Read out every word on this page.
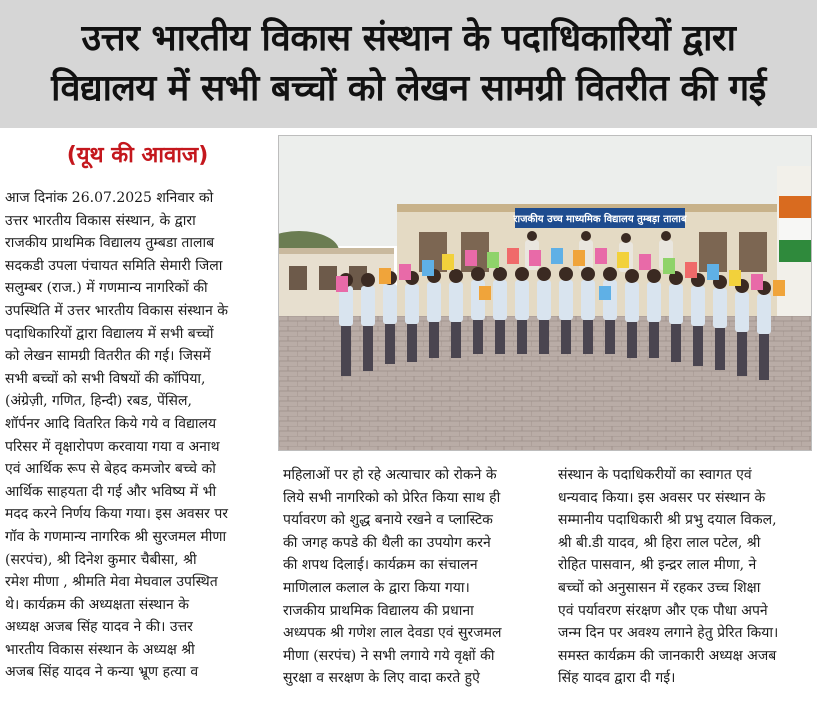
उत्तर भारतीय विकास संस्थान के पदाधिकारियों द्वारा
विद्यालय में सभी बच्चों को लेखन सामग्री वितरीत की गई
(यूथ की आवाज)
राजकीय उच्च माध्यमिक विद्यालय तुम्बड़ा तालाब
आज दिनांक 26.07.2025 शनिवार को
उत्तर भारतीय विकास संस्थान, के द्वारा
राजकीय प्राथमिक विद्यालय तुम्बडा तालाब
सदकडी उपला पंचायत समिति सेमारी जिला
सलुम्बर (राज.) में गणमान्य नागरिकों की
उपस्थिति में उत्तर भारतीय विकास संस्थान के
पदाधिकारियों द्वारा विद्यालय में सभी बच्चों
को लेखन सामग्री वितरीत की गई। जिसमें
सभी बच्चों को सभी विषयों की कॉपिया,
(अंग्रेज़ी, गणित, हिन्दी) रबड, पेंसिल,
शॉर्पनर आदि वितरित किये गये व विद्यालय
परिसर में वृक्षारोपण करवाया गया व अनाथ
एवं आर्थिक रूप से बेहद कमजोर बच्चे को
आर्थिक साहयता दी गई और भविष्य में भी
मदद करने निर्णय किया गया। इस अवसर पर
गॉव के गणमान्य नागरिक श्री सुरजमल मीणा
(सरपंच), श्री दिनेश कुमार चैबीसा, श्री
रमेश मीणा , श्रीमति मेवा मेघवाल उपस्थित
थे। कार्यक्रम की अध्यक्षता संस्थान के
अध्यक्ष अजब सिंह यादव ने की। उत्तर
भारतीय विकास संस्थान के अध्यक्ष श्री
अजब सिंह यादव ने कन्या भ्रूण हत्या व
महिलाओं पर हो रहे अत्याचार को रोकने के
लिये सभी नागरिको को प्रेरित किया साथ ही
पर्यावरण को शुद्ध बनाये रखने व प्लास्टिक
की जगह कपडे की थैली का उपयोग करने
की शपथ दिलाई। कार्यक्रम का संचालन
माणिलाल कलाल के द्वारा किया गया।
राजकीय प्राथमिक विद्यालय की प्रधाना
अध्यपक श्री गणेश लाल देवडा एवं सुरजमल
मीणा (सरपंच) ने सभी लगाये गये वृक्षों की
सुरक्षा व सरक्षण के लिए वादा करते हुऐ
संस्थान के पदाधिकरीयों का स्वागत एवं
धन्यवाद किया। इस अवसर पर संस्थान के
सम्मानीय पदाधिकारी श्री प्रभु दयाल विकल,
श्री बी.डी यादव, श्री हिरा लाल पटेल, श्री
रोहित पासवान, श्री इन्द्रर लाल मीणा, ने
बच्चों को अनुसासन में रहकर उच्च शिक्षा
एवं पर्यावरण संरक्षण और एक पौधा अपने
जन्म दिन पर अवश्य लगाने हेतु प्रेरित किया।
समस्त कार्यक्रम की जानकारी अध्यक्ष अजब
सिंह यादव द्वारा दी गई।
